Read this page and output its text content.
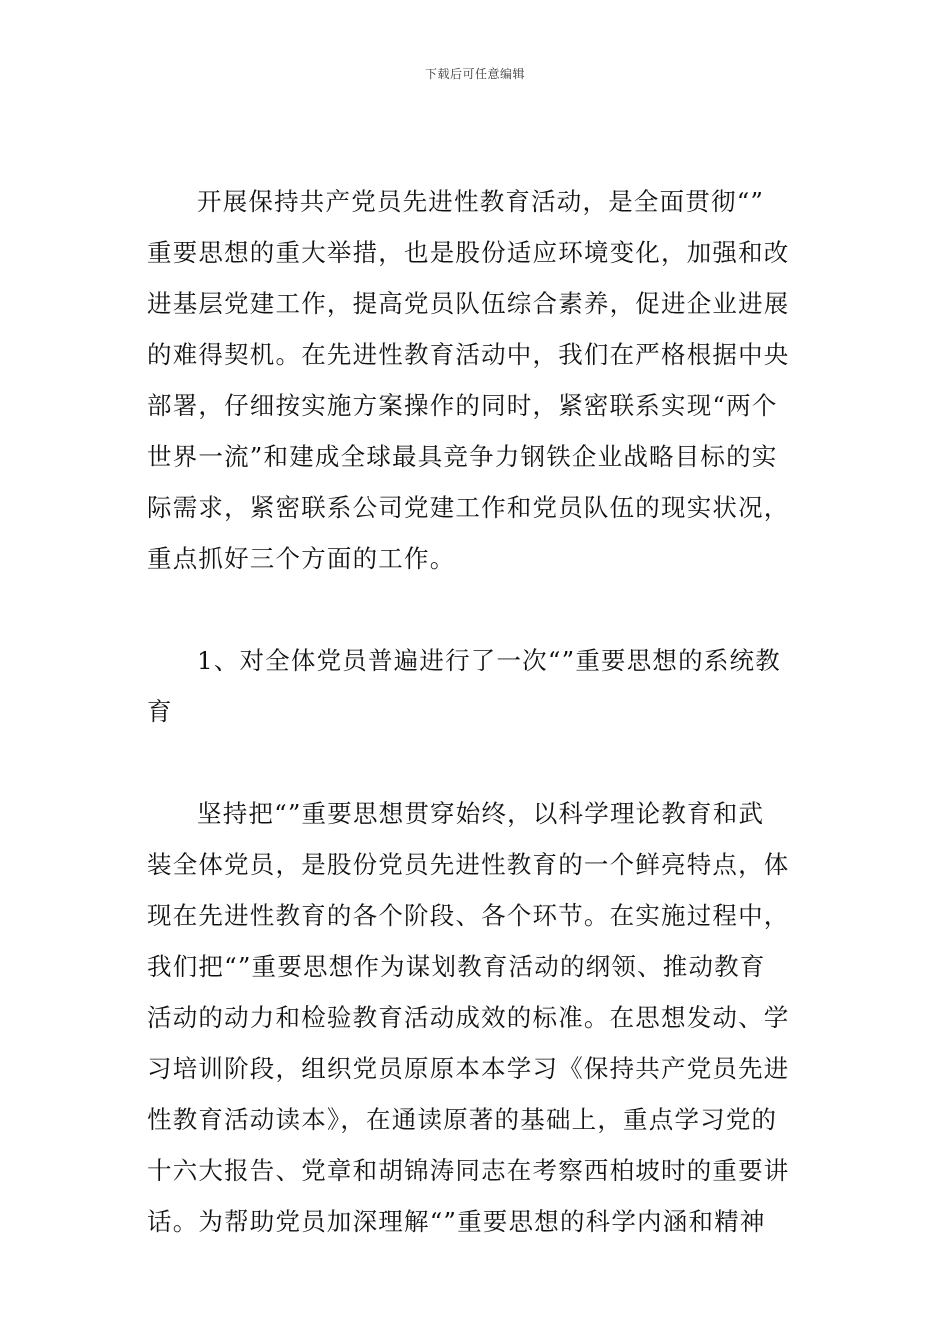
下载后可任意编辑
开展保持共产党员先进性教育活动，是全面贯彻“”
重要思想的重大举措，也是股份适应环境变化，加强和改
进基层党建工作，提高党员队伍综合素养，促进企业进展
的难得契机。在先进性教育活动中，我们在严格根据中央
部署，仔细按实施方案操作的同时，紧密联系实现“两个
世界一流”和建成全球最具竞争力钢铁企业战略目标的实
际需求，紧密联系公司党建工作和党员队伍的现实状况，
重点抓好三个方面的工作。
1、对全体党员普遍进行了一次“”重要思想的系统教
育
坚持把“”重要思想贯穿始终，以科学理论教育和武
装全体党员，是股份党员先进性教育的一个鲜亮特点，体
现在先进性教育的各个阶段、各个环节。在实施过程中，
我们把“”重要思想作为谋划教育活动的纲领、推动教育
活动的动力和检验教育活动成效的标准。在思想发动、学
习培训阶段，组织党员原原本本学习《保持共产党员先进
性教育活动读本》，在通读原著的基础上，重点学习党的
十六大报告、党章和胡锦涛同志在考察西柏坡时的重要讲
话。为帮助党员加深理解“”重要思想的科学内涵和精神
